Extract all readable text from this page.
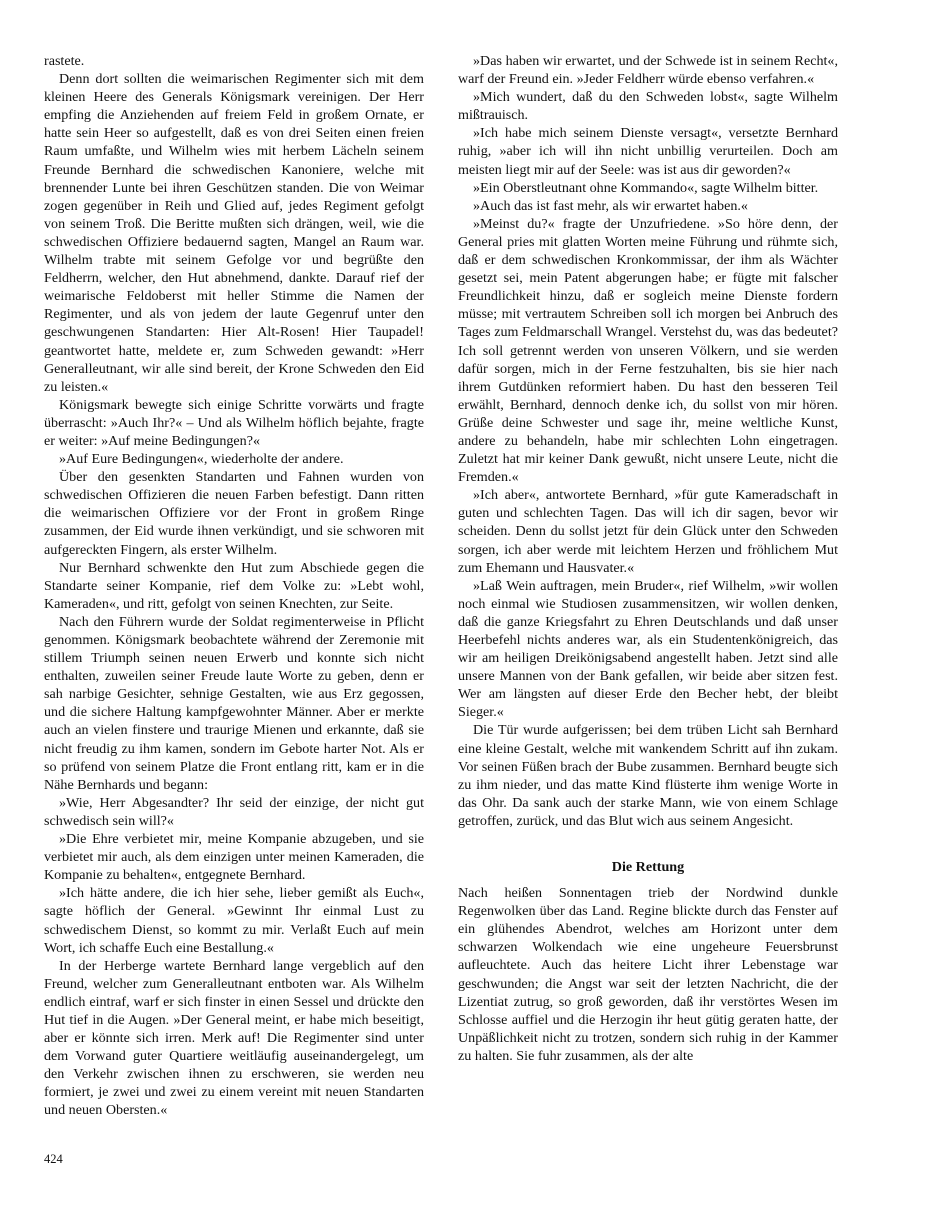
rastete.

Denn dort sollten die weimarischen Regimenter sich mit dem kleinen Heere des Generals Königsmark vereinigen. Der Herr empfing die Anziehenden auf freiem Feld in großem Ornate, er hatte sein Heer so aufgestellt, daß es von drei Seiten einen freien Raum umfaßte, und Wilhelm wies mit herbem Lächeln seinem Freunde Bernhard die schwedischen Kanoniere, welche mit brennender Lunte bei ihren Geschützen standen. Die von Weimar zogen gegenüber in Reih und Glied auf, jedes Regiment gefolgt von seinem Troß. Die Beritte mußten sich drängen, weil, wie die schwedischen Offiziere bedauernd sagten, Mangel an Raum war. Wilhelm trabte mit seinem Gefolge vor und begrüßte den Feldherrn, welcher, den Hut abnehmend, dankte. Darauf rief der weimarische Feldoberst mit heller Stimme die Namen der Regimenter, und als von jedem der laute Gegenruf unter den geschwungenen Standarten: Hier Alt-Rosen! Hier Taupadel! geantwortet hatte, meldete er, zum Schweden gewandt: »Herr Generalleutnant, wir alle sind bereit, der Krone Schweden den Eid zu leisten.«

Königsmark bewegte sich einige Schritte vorwärts und fragte überrascht: »Auch Ihr?« – Und als Wilhelm höflich bejahte, fragte er weiter: »Auf meine Bedingungen?«

»Auf Eure Bedingungen«, wiederholte der andere.

Über den gesenkten Standarten und Fahnen wurden von schwedischen Offizieren die neuen Farben befestigt. Dann ritten die weimarischen Offiziere vor der Front in großem Ringe zusammen, der Eid wurde ihnen verkündigt, und sie schworen mit aufgereckten Fingern, als erster Wilhelm.

Nur Bernhard schwenkte den Hut zum Abschiede gegen die Standarte seiner Kompanie, rief dem Volke zu: »Lebt wohl, Kameraden«, und ritt, gefolgt von seinen Knechten, zur Seite.

Nach den Führern wurde der Soldat regimenterweise in Pflicht genommen. Königsmark beobachtete während der Zeremonie mit stillem Triumph seinen neuen Erwerb und konnte sich nicht enthalten, zuweilen seiner Freude laute Worte zu geben, denn er sah narbige Gesichter, sehnige Gestalten, wie aus Erz gegossen, und die sichere Haltung kampfgewohnter Männer. Aber er merkte auch an vielen finstere und traurige Mienen und erkannte, daß sie nicht freudig zu ihm kamen, sondern im Gebote harter Not. Als er so prüfend von seinem Platze die Front entlang ritt, kam er in die Nähe Bernhards und begann:

»Wie, Herr Abgesandter? Ihr seid der einzige, der nicht gut schwedisch sein will?«

»Die Ehre verbietet mir, meine Kompanie abzugeben, und sie verbietet mir auch, als dem einzigen unter meinen Kameraden, die Kompanie zu behalten«, entgegnete Bernhard.

»Ich hätte andere, die ich hier sehe, lieber gemißt als Euch«, sagte höflich der General. »Gewinnt Ihr einmal Lust zu schwedischem Dienst, so kommt zu mir. Verlaßt Euch auf mein Wort, ich schaffe Euch eine Bestallung.«

In der Herberge wartete Bernhard lange vergeblich auf den Freund, welcher zum Generalleutnant entboten war. Als Wilhelm endlich eintraf, warf er sich finster in einen Sessel und drückte den Hut tief in die Augen. »Der General meint, er habe mich beseitigt, aber er könnte sich irren. Merk auf! Die Regimenter sind unter dem Vorwand guter Quartiere weitläufig auseinandergelegt, um den Verkehr zwischen ihnen zu erschweren, sie werden neu formiert, je zwei und zwei zu einem vereint mit neuen Standarten und neuen Obersten.«

»Das haben wir erwartet, und der Schwede ist in seinem Recht«, warf der Freund ein. »Jeder Feldherr würde ebenso verfahren.«

»Mich wundert, daß du den Schweden lobst«, sagte Wilhelm mißtrauisch.

»Ich habe mich seinem Dienste versagt«, versetzte Bernhard ruhig, »aber ich will ihn nicht unbillig verurteilen. Doch am meisten liegt mir auf der Seele: was ist aus dir geworden?«

»Ein Oberstleutnant ohne Kommando«, sagte Wilhelm bitter.

»Auch das ist fast mehr, als wir erwartet haben.«

»Meinst du?« fragte der Unzufriedene. »So höre denn, der General pries mit glatten Worten meine Führung und rühmte sich, daß er dem schwedischen Kronkommissar, der ihm als Wächter gesetzt sei, mein Patent abgerungen habe; er fügte mit falscher Freundlichkeit hinzu, daß er sogleich meine Dienste fordern müsse; mit vertrautem Schreiben soll ich morgen bei Anbruch des Tages zum Feldmarschall Wrangel. Verstehst du, was das bedeutet? Ich soll getrennt werden von unseren Völkern, und sie werden dafür sorgen, mich in der Ferne festzuhalten, bis sie hier nach ihrem Gutdünken reformiert haben. Du hast den besseren Teil erwählt, Bernhard, dennoch denke ich, du sollst von mir hören. Grüße deine Schwester und sage ihr, meine weltliche Kunst, andere zu behandeln, habe mir schlechten Lohn eingetragen. Zuletzt hat mir keiner Dank gewußt, nicht unsere Leute, nicht die Fremden.«

»Ich aber«, antwortete Bernhard, »für gute Kameradschaft in guten und schlechten Tagen. Das will ich dir sagen, bevor wir scheiden. Denn du sollst jetzt für dein Glück unter den Schweden sorgen, ich aber werde mit leichtem Herzen und fröhlichem Mut zum Ehemann und Hausvater.«

»Laß Wein auftragen, mein Bruder«, rief Wilhelm, »wir wollen noch einmal wie Studiosen zusammensitzen, wir wollen denken, daß die ganze Kriegsfahrt zu Ehren Deutschlands und daß unser Heerbefehl nichts anderes war, als ein Studentenkönigreich, das wir am heiligen Dreikönigsabend angestellt haben. Jetzt sind alle unsere Mannen von der Bank gefallen, wir beide aber sitzen fest. Wer am längsten auf dieser Erde den Becher hebt, der bleibt Sieger.«

Die Tür wurde aufgerissen; bei dem trüben Licht sah Bernhard eine kleine Gestalt, welche mit wankendem Schritt auf ihn zukam. Vor seinen Füßen brach der Bube zusammen. Bernhard beugte sich zu ihm nieder, und das matte Kind flüsterte ihm wenige Worte in das Ohr. Da sank auch der starke Mann, wie von einem Schlage getroffen, zurück, und das Blut wich aus seinem Angesicht.

Die Rettung

Nach heißen Sonnentagen trieb der Nordwind dunkle Regenwolken über das Land. Regine blickte durch das Fenster auf ein glühendes Abendrot, welches am Horizont unter dem schwarzen Wolkendach wie eine ungeheure Feuersbrunst aufleuchtete. Auch das heitere Licht ihrer Lebenstage war geschwunden; die Angst war seit der letzten Nachricht, die der Lizentiat zutrug, so groß geworden, daß ihr verstörtes Wesen im Schlosse auffiel und die Herzogin ihr heut gütig geraten hatte, der Unpäßlichkeit nicht zu trotzen, sondern sich ruhig in der Kammer zu halten. Sie fuhr zusammen, als der alte

424
